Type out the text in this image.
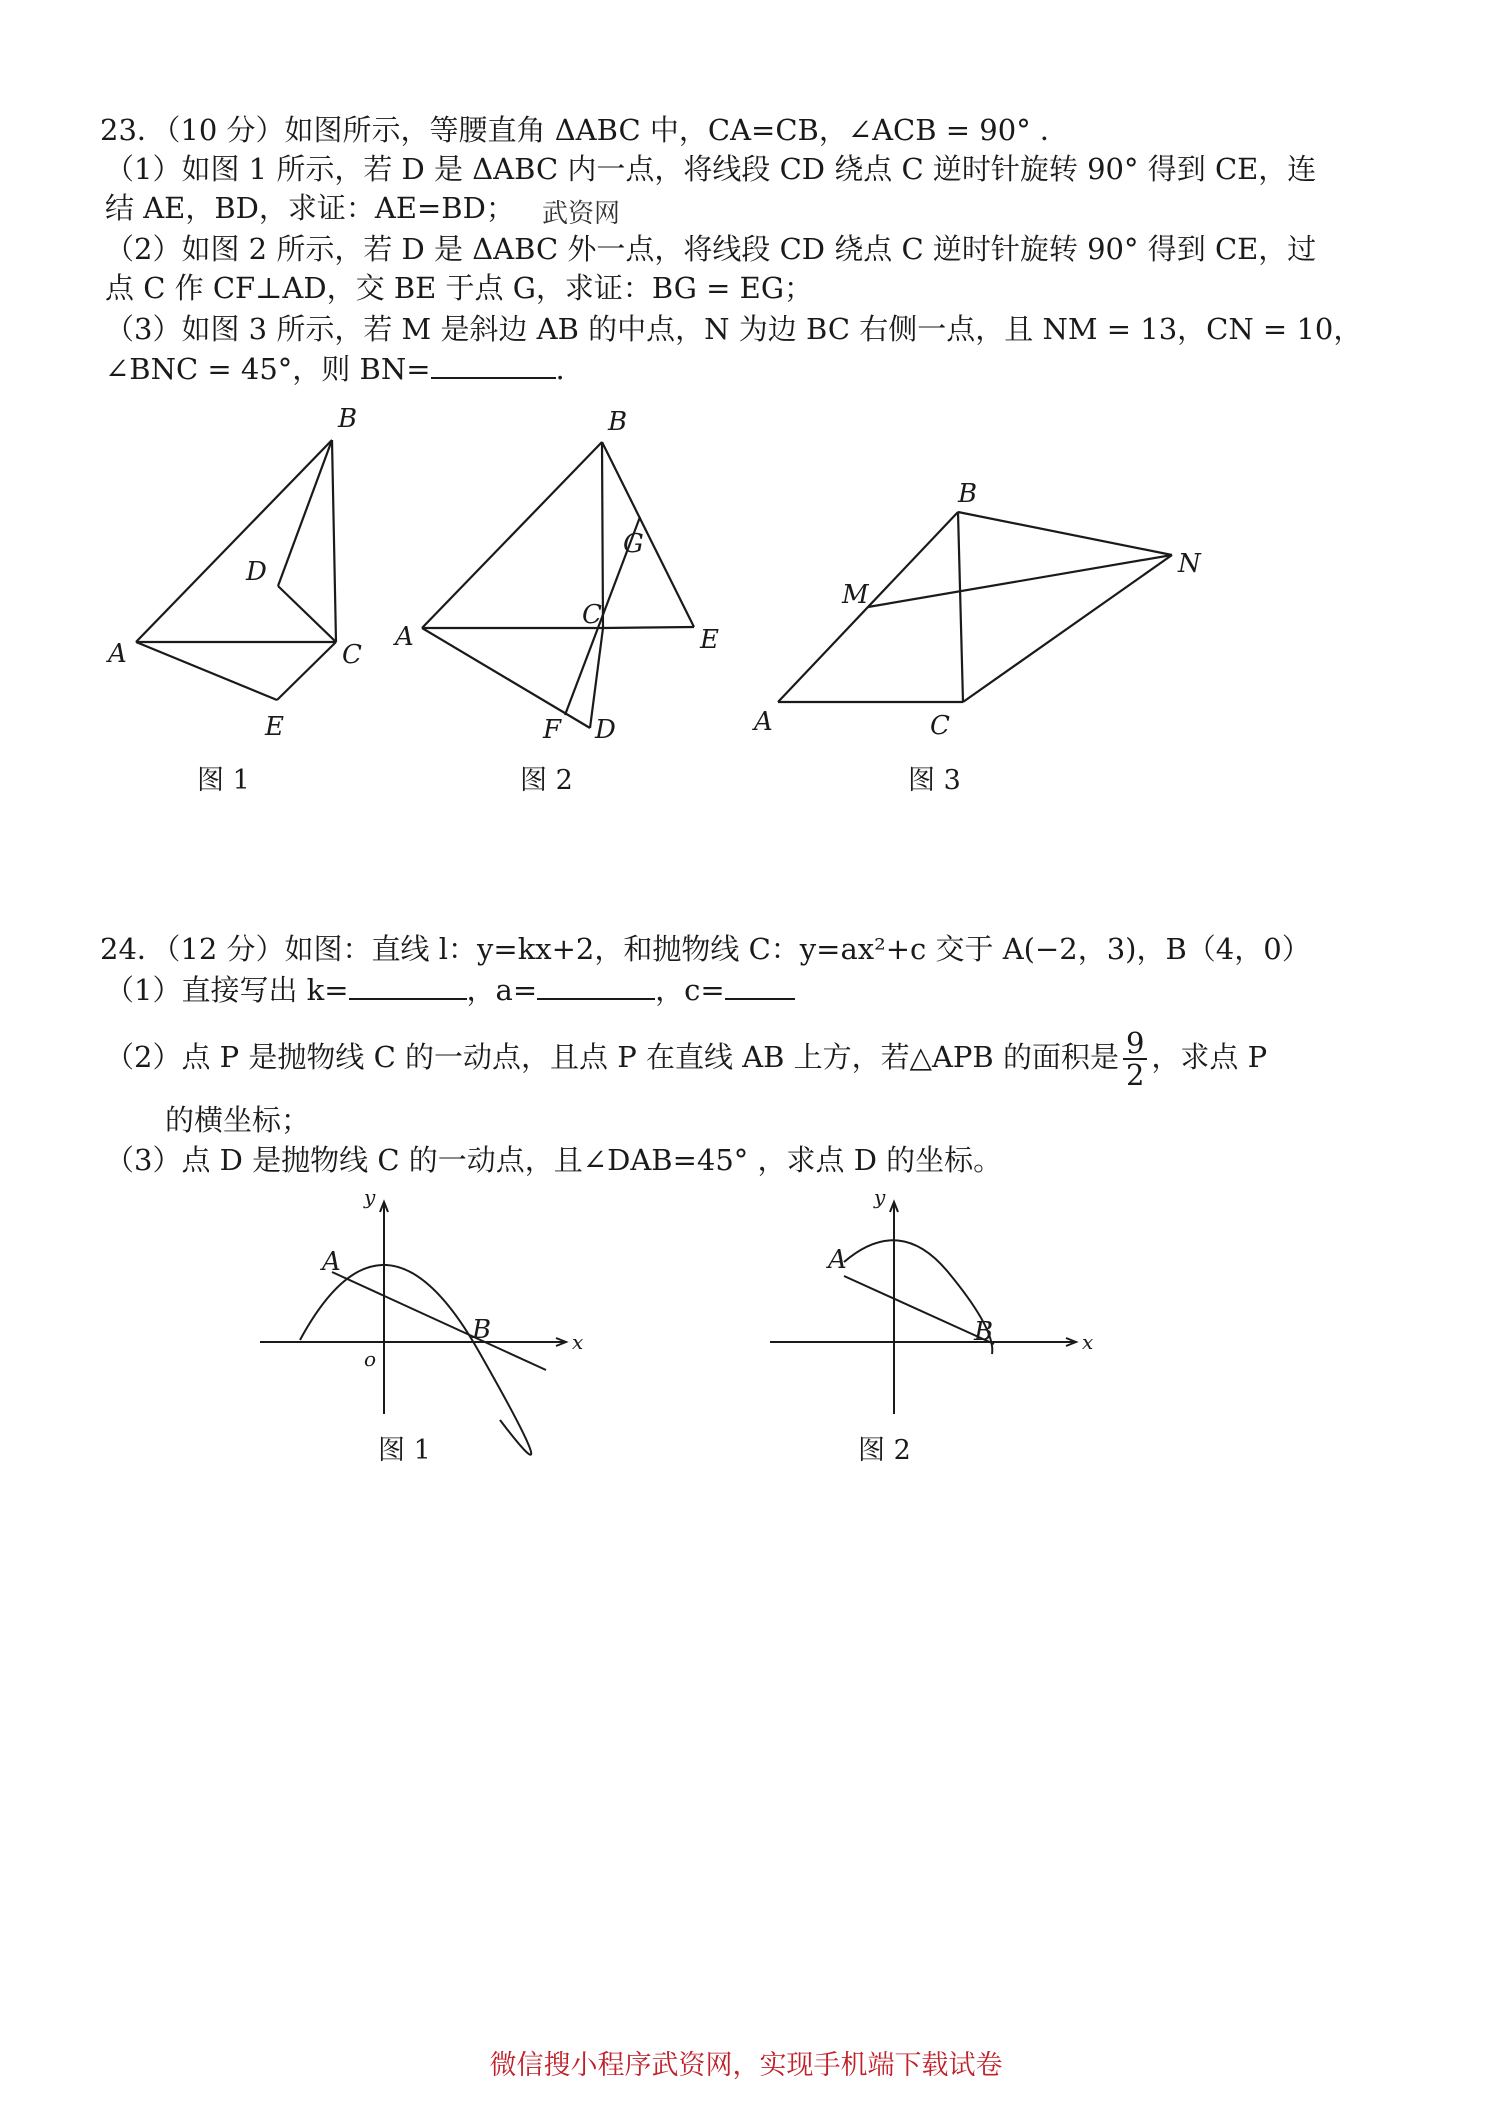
23．（10 分）如图所示，等腰直角 ΔABC 中，CA=CB，∠ACB = 90° ．

（1）如图 1 所示，若 D 是 ΔABC 内一点，将线段 CD 绕点 C 逆时针旋转 90° 得到 CE，连

结 AE，BD，求证：AE=BD； 武资网

（2）如图 2 所示，若 D 是 ΔABC 外一点，将线段 CD 绕点 C 逆时针旋转 90° 得到 CE，过

点 C 作 CF⊥AD，交 BE 于点 G，求证：BG = EG；

（3）如图 3 所示，若 M 是斜边 AB 的中点，N 为边 BC 右侧一点，且 NM = 13，CN = 10，

∠BNC = 45°，则 BN=	.

B
D
A	C
E
图 1
B
G
A
C
E
F D
图 2
B
N
M
A	C
图 3

24．（12 分）如图：直线 l：y=kx+2，和抛物线 C：y=ax²+c 交于 A(−2，3)，B（4，0）

（1）直接写出 k=	，a=	，c=

（2）点 P 是抛物线 C 的一动点，且点 P 在直线 AB 上方，若△APB 的面积是 $\frac{9}{2}$ ，求点 P

的横坐标；

（3）点 D 是抛物线 C 的一动点，且∠DAB=45° ，求点 D 的坐标。

y
x
A
B
o
图 1
y
x
A
B
图 2
微信搜小程序武资网，实现手机端下载试卷
